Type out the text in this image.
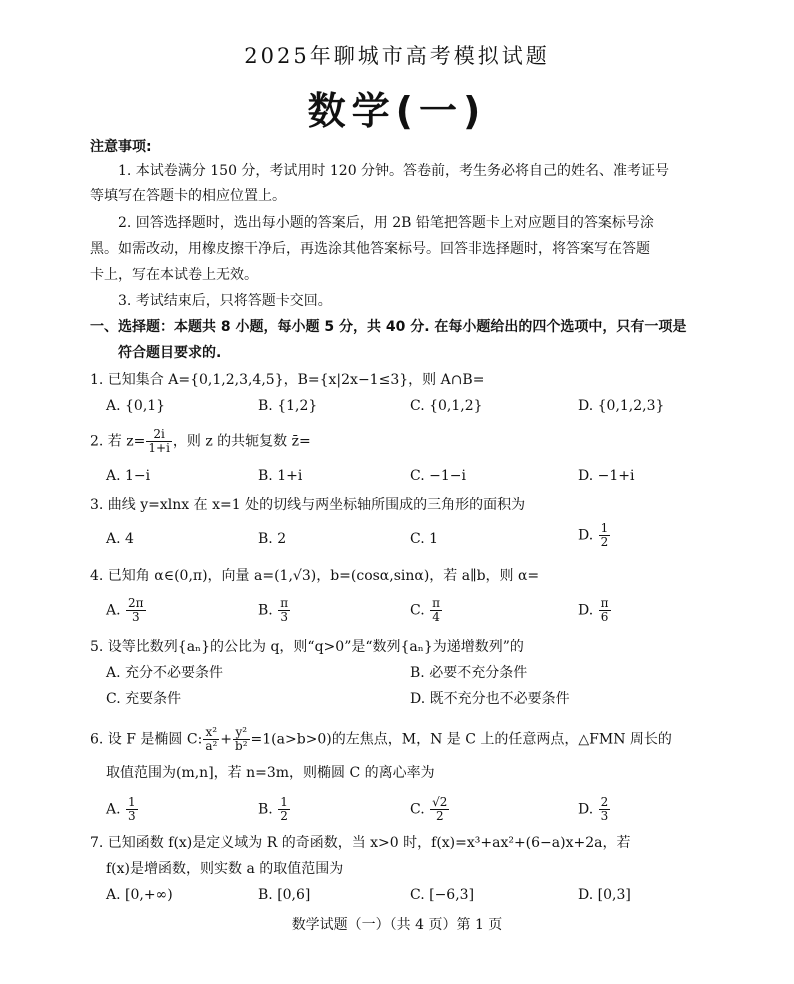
2025年聊城市高考模拟试题
数学(一)
注意事项:
1. 本试卷满分 150 分，考试用时 120 分钟。答卷前，考生务必将自己的姓名、准考证号
等填写在答题卡的相应位置上。
2. 回答选择题时，选出每小题的答案后，用 2B 铅笔把答题卡上对应题目的答案标号涂
黑。如需改动，用橡皮擦干净后，再选涂其他答案标号。回答非选择题时，将答案写在答题
卡上，写在本试卷上无效。
3. 考试结束后，只将答题卡交回。
一、选择题：本题共 8 小题，每小题 5 分，共 40 分. 在每小题给出的四个选项中，只有一项是
符合题目要求的.
1. 已知集合 A={0,1,2,3,4,5}，B={x|2x−1≤3}，则 A∩B=
A. {0,1}	B. {1,2}	C. {0,1,2}	D. {0,1,2,3}
2. 若 $z= \frac{2i}{1+i}$ ，则 z 的共轭复数 z̄=
A. 1−i	B. 1+i	C. −1−i	D. −1+i
3. 曲线 y=xlnx 在 x=1 处的切线与两坐标轴所围成的三角形的面积为
A. 4	B. 2	C. 1	D. $\frac{1}{2}$
4. 已知角 α∈(0,π)，向量 a=(1,√3)，b=(cosα,sinα)，若 a∥b，则 α=
A. $\frac{2\pi}{3}$	B. $\frac{\pi}{3}$	C. $\frac{\pi}{4}$	D. $\frac{\pi}{6}$
5. 设等比数列{aₙ}的公比为 q，则“q>0”是“数列{aₙ}为递增数列”的
A. 充分不必要条件	B. 必要不充分条件
C. 充要条件	D. 既不充分也不必要条件
6. 设 F 是椭圆 C: $\frac{\text{x²}}{\text{a²}} + \frac{\text{y²}}{\text{b²}} =1(a>b>0)$的左焦点，M，N 是 C 上的任意两点，△FMN 周长的
取值范围为(m,n]，若 n=3m，则椭圆 C 的离心率为
A. $\frac{1}{3}$	B. $\frac{1}{2}$	C. $\frac{√2}{2}$	D. $\frac{2}{3}$
7. 已知函数 f(x)是定义域为 R 的奇函数，当 x>0 时，f(x)=x³+ax²+(6−a)x+2a，若
f(x)是增函数，则实数 a 的取值范围为
A. [0,+∞)	B. [0,6]	C. [−6,3]	D. [0,3]
数学试题（一）（共 4 页）第 1 页
